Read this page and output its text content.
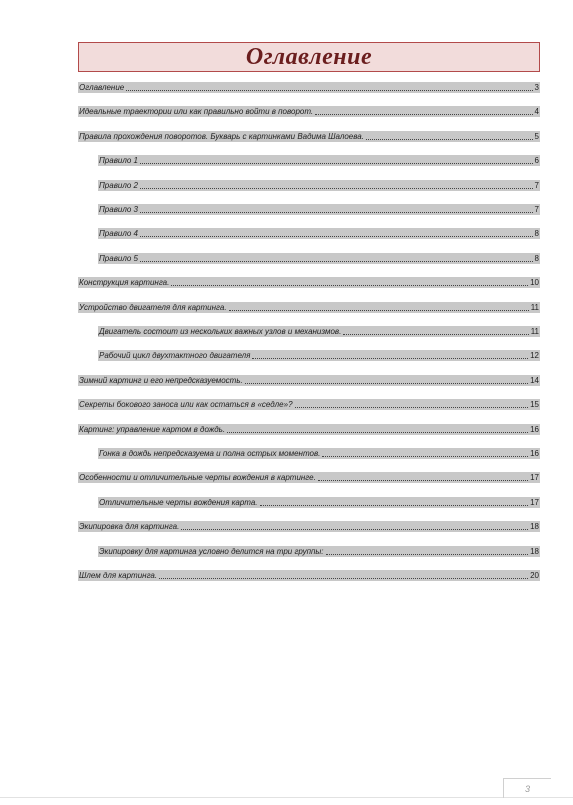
Оглавление
Оглавление	3
Идеальные траектории или как правильно войти в поворот.	4
Правила прохождения поворотов. Букварь с картинками Вадима Шалоева.	5
Правило 1	6
Правило 2	7
Правило 3	7
Правило 4	8
Правило 5	8
Конструкция картинга.	10
Устройство двигателя для картинга.	11
Двигатель состоит из нескольких важных узлов и механизмов.	11
Рабочий цикл двухтактного двигателя	12
Зимний картинг и его непредсказуемость.	14
Секреты бокового заноса или как остаться в «седле»?	15
Картинг: управление картом в дождь.	16
Гонка в дождь непредсказуема и полна острых моментов.	16
Особенности и отличительные черты вождения в картинге.	17
Отличительные черты вождения карта.	17
Экипировка для картинга.	18
Экипировку для картинга условно делится на три группы:	18
Шлем для картинга.	20
3
